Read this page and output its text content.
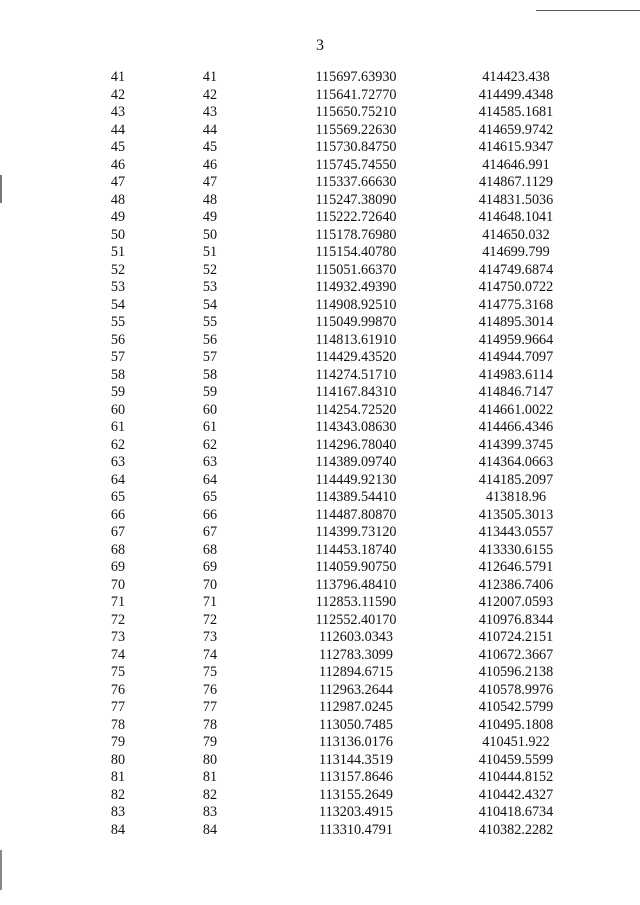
3
41	41	115697.63930	414423.438
42	42	115641.72770	414499.4348
43	43	115650.75210	414585.1681
44	44	115569.22630	414659.9742
45	45	115730.84750	414615.9347
46	46	115745.74550	414646.991
47	47	115337.66630	414867.1129
48	48	115247.38090	414831.5036
49	49	115222.72640	414648.1041
50	50	115178.76980	414650.032
51	51	115154.40780	414699.799
52	52	115051.66370	414749.6874
53	53	114932.49390	414750.0722
54	54	114908.92510	414775.3168
55	55	115049.99870	414895.3014
56	56	114813.61910	414959.9664
57	57	114429.43520	414944.7097
58	58	114274.51710	414983.6114
59	59	114167.84310	414846.7147
60	60	114254.72520	414661.0022
61	61	114343.08630	414466.4346
62	62	114296.78040	414399.3745
63	63	114389.09740	414364.0663
64	64	114449.92130	414185.2097
65	65	114389.54410	413818.96
66	66	114487.80870	413505.3013
67	67	114399.73120	413443.0557
68	68	114453.18740	413330.6155
69	69	114059.90750	412646.5791
70	70	113796.48410	412386.7406
71	71	112853.11590	412007.0593
72	72	112552.40170	410976.8344
73	73	112603.0343	410724.2151
74	74	112783.3099	410672.3667
75	75	112894.6715	410596.2138
76	76	112963.2644	410578.9976
77	77	112987.0245	410542.5799
78	78	113050.7485	410495.1808
79	79	113136.0176	410451.922
80	80	113144.3519	410459.5599
81	81	113157.8646	410444.8152
82	82	113155.2649	410442.4327
83	83	113203.4915	410418.6734
84	84	113310.4791	410382.2282
